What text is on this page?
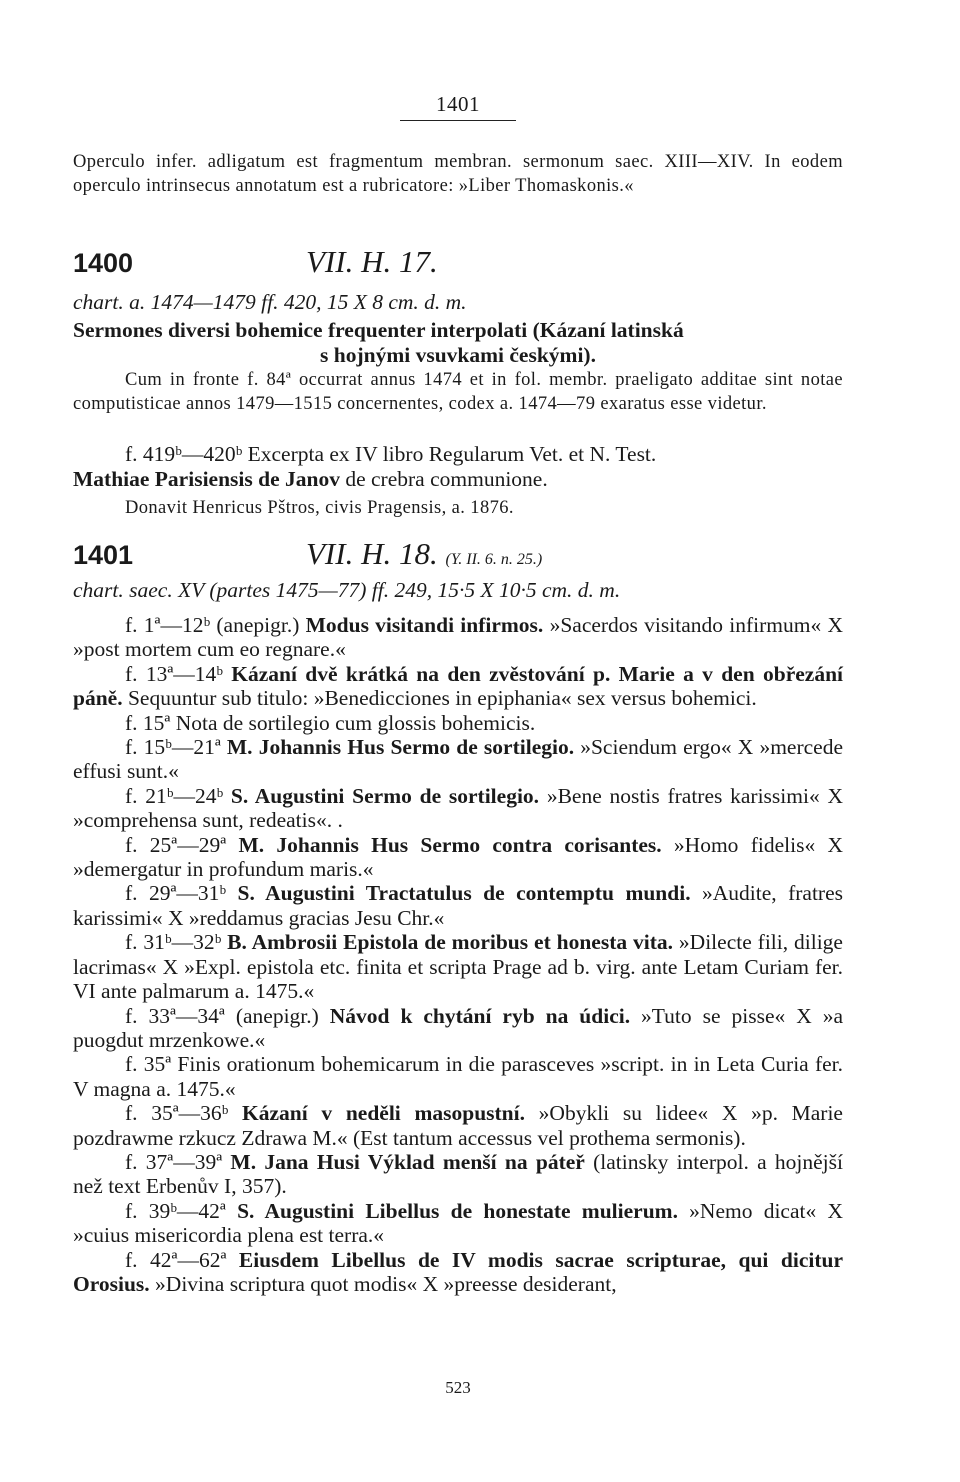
1401

Operculo infer. adligatum est fragmentum membran. sermonum saec. XIII—XIV. In eodem operculo intrinsecus annotatum est a rubricatore: »Liber Thomaskonis.«

1400	VII. H. 17.

chart. a. 1474—1479 ff. 420, 15 X 8 cm. d. m.

Sermones diversi bohemice frequenter interpolati (Kázaní latinská

s hojnými vsuvkami českými).

Cum in fronte f. 84ª occurrat annus 1474 et in fol. membr. praeligato additae sint notae computisticae annos 1479—1515 concernentes, codex a. 1474—79 exaratus esse videtur.

f. 419ᵇ—420ᵇ Excerpta ex IV libro Regularum Vet. et N. Test.

Mathiae Parisiensis de Janov de crebra communione.

Donavit Henricus Pštros, civis Pragensis, a. 1876.

1401	VII. H. 18. (Y. II. 6. n. 25.)

chart. saec. XV (partes 1475—77) ff. 249, 15·5 X 10·5 cm. d. m.

f. 1ª—12ᵇ (anepigr.) Modus visitandi infirmos. »Sacerdos visitando infirmum« X »post mortem cum eo regnare.«

f. 13ª—14ᵇ Kázaní dvě krátká na den zvěstování p. Marie a v den obřezání páně. Sequuntur sub titulo: »Benedicciones in epiphania« sex versus bohemici.

f. 15ª Nota de sortilegio cum glossis bohemicis.

f. 15ᵇ—21ª M. Johannis Hus Sermo de sortilegio. »Sciendum ergo« X »mercede effusi sunt.«

f. 21ᵇ—24ᵇ S. Augustini Sermo de sortilegio. »Bene nostis fratres karissimi« X »comprehensa sunt, redeatis«. .

f. 25ª—29ª M. Johannis Hus Sermo contra corisantes. »Homo fidelis« X »demergatur in profundum maris.«

f. 29ª—31ᵇ S. Augustini Tractatulus de contemptu mundi. »Audite, fratres karissimi« X »reddamus gracias Jesu Chr.«

f. 31ᵇ—32ᵇ B. Ambrosii Epistola de moribus et honesta vita. »Dilecte fili, dilige lacrimas« X »Expl. epistola etc. finita et scripta Prage ad b. virg. ante Letam Curiam fer. VI ante palmarum a. 1475.«

f. 33ª—34ª (anepigr.) Návod k chytání ryb na údici. »Tuto se pisse« X »a puogdut mrzenkowe.«

f. 35ª Finis orationum bohemicarum in die parasceves »script. in in Leta Curia fer. V magna a. 1475.«

f. 35ª—36ᵇ Kázaní v neděli masopustní. »Obykli su lidee« X »p. Marie pozdrawme rzkucz Zdrawa M.« (Est tantum accessus vel prothema sermonis).

f. 37ª—39ª M. Jana Husi Výklad menší na páteř (latinsky interpol. a hojnější než text Erbenův I, 357).

f. 39ᵇ—42ª S. Augustini Libellus de honestate mulierum. »Nemo dicat« X »cuius misericordia plena est terra.«

f. 42ª—62ª Eiusdem Libellus de IV modis sacrae scripturae, qui dicitur Orosius. »Divina scriptura quot modis« X »preesse desiderant,

523
